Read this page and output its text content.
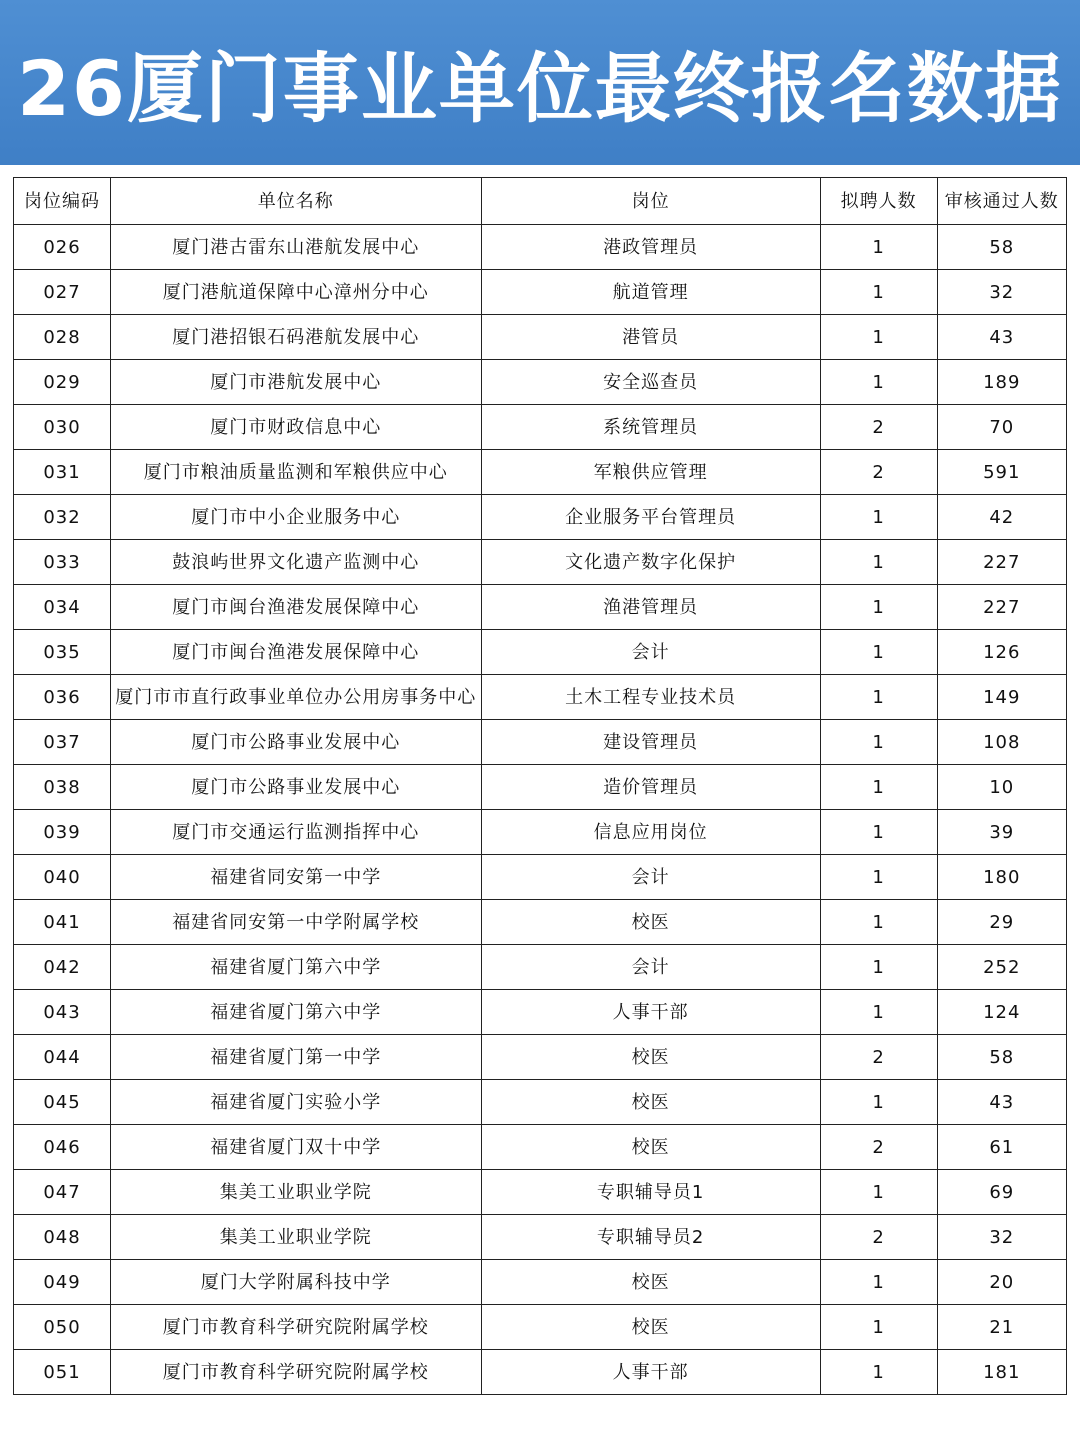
26厦门事业单位最终报名数据
岗位编码	单位名称	岗位	拟聘人数	审核通过人数
026	厦门港古雷东山港航发展中心	港政管理员	1	58
027	厦门港航道保障中心漳州分中心	航道管理	1	32
028	厦门港招银石码港航发展中心	港管员	1	43
029	厦门市港航发展中心	安全巡查员	1	189
030	厦门市财政信息中心	系统管理员	2	70
031	厦门市粮油质量监测和军粮供应中心	军粮供应管理	2	591
032	厦门市中小企业服务中心	企业服务平台管理员	1	42
033	鼓浪屿世界文化遗产监测中心	文化遗产数字化保护	1	227
034	厦门市闽台渔港发展保障中心	渔港管理员	1	227
035	厦门市闽台渔港发展保障中心	会计	1	126
036	厦门市市直行政事业单位办公用房事务中心	土木工程专业技术员	1	149
037	厦门市公路事业发展中心	建设管理员	1	108
038	厦门市公路事业发展中心	造价管理员	1	10
039	厦门市交通运行监测指挥中心	信息应用岗位	1	39
040	福建省同安第一中学	会计	1	180
041	福建省同安第一中学附属学校	校医	1	29
042	福建省厦门第六中学	会计	1	252
043	福建省厦门第六中学	人事干部	1	124
044	福建省厦门第一中学	校医	2	58
045	福建省厦门实验小学	校医	1	43
046	福建省厦门双十中学	校医	2	61
047	集美工业职业学院	专职辅导员1	1	69
048	集美工业职业学院	专职辅导员2	2	32
049	厦门大学附属科技中学	校医	1	20
050	厦门市教育科学研究院附属学校	校医	1	21
051	厦门市教育科学研究院附属学校	人事干部	1	181
